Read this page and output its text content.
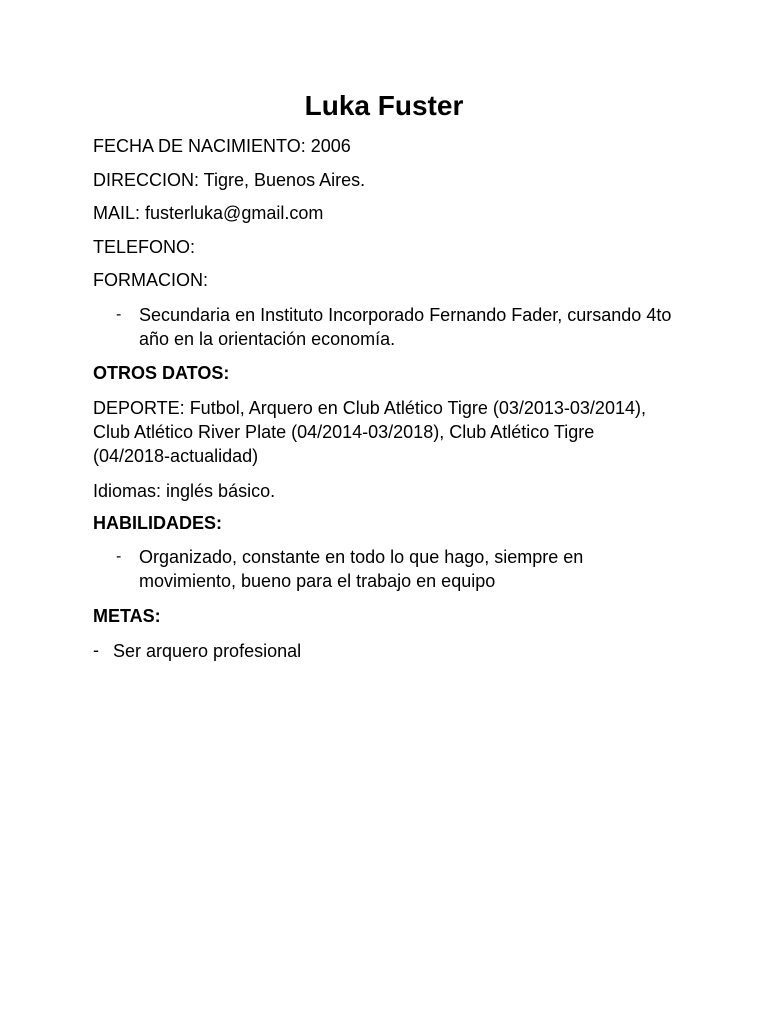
Luka Fuster

FECHA DE NACIMIENTO: 2006

DIRECCION: Tigre, Buenos Aires.

MAIL: fusterluka@gmail.com

TELEFONO:

FORMACION:

- Secundaria en Instituto Incorporado Fernando Fader, cursando 4to año en la orientación economía.

OTROS DATOS:

DEPORTE: Futbol, Arquero en Club Atlético Tigre (03/2013-03/2014), Club Atlético River Plate (04/2014-03/2018), Club Atlético Tigre (04/2018-actualidad)

Idiomas: inglés básico.

HABILIDADES:

- Organizado, constante en todo lo que hago, siempre en movimiento, bueno para el trabajo en equipo

METAS:

- Ser arquero profesional
